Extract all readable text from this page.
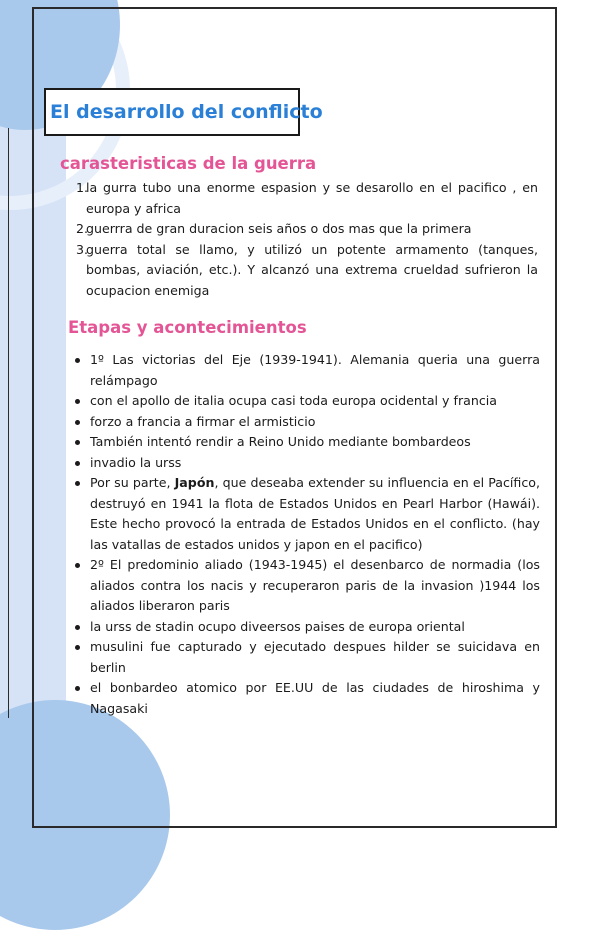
El desarrollo del conflicto
carasteristicas de la guerra
1.
la gurra tubo una enorme espasion y se desarollo en el pacifico , en europa y africa
2.
guerrra de gran duracion seis años o dos mas que la primera
3.
guerra total se llamo, y utilizó un potente armamento (tanques, bombas, aviación, etc.). Y alcanzó una extrema crueldad sufrieron la ocupacion enemiga
Etapas y acontecimientos
1º Las victorias del Eje (1939-1941). Alemania queria una guerra relámpago
con el apollo de italia ocupa casi toda europa ocidental y francia
forzo a francia a firmar el armisticio
También intentó rendir a Reino Unido mediante bombardeos
invadio la urss
Por su parte, Japón, que deseaba extender su influencia en el Pacífico, destruyó en 1941 la flota de Estados Unidos en Pearl Harbor (Hawái). Este hecho provocó la entrada de Estados Unidos en el conflicto. (hay las vatallas de estados unidos y japon en el pacifico)
2º El predominio aliado (1943-1945) el desenbarco de normadia (los aliados contra los nacis y recuperaron paris de la invasion )1944 los aliados liberaron paris
la urss de stadin ocupo diveersos paises de europa oriental
musulini fue capturado y ejecutado despues hilder se suicidava en berlin
el bonbardeo atomico por EE.UU de las ciudades de hiroshima y Nagasaki
